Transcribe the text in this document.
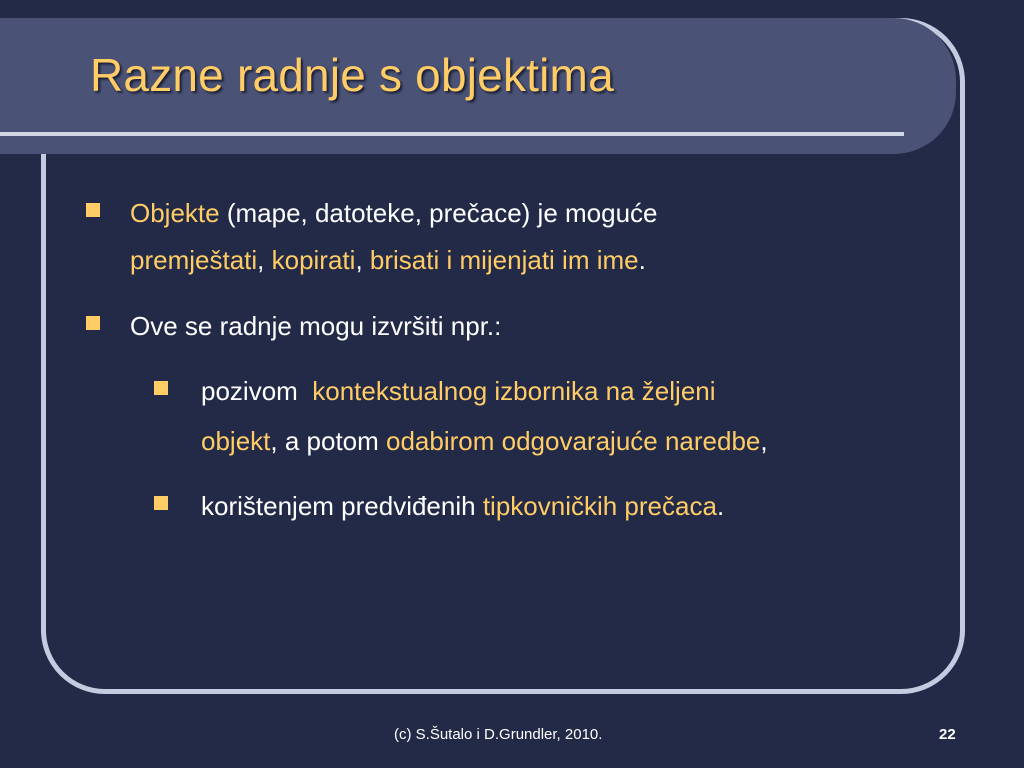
Razne radnje s objektima
Objekte (mape, datoteke, prečace) je moguće
premještati, kopirati, brisati i mijenjati im ime.
Ove se radnje mogu izvršiti npr.:
pozivom  kontekstualnog izbornika na željeni
objekt, a potom odabirom odgovarajuće naredbe,
korištenjem predviđenih tipkovničkih prečaca.
(c) S.Šutalo i D.Grundler, 2010.	22
